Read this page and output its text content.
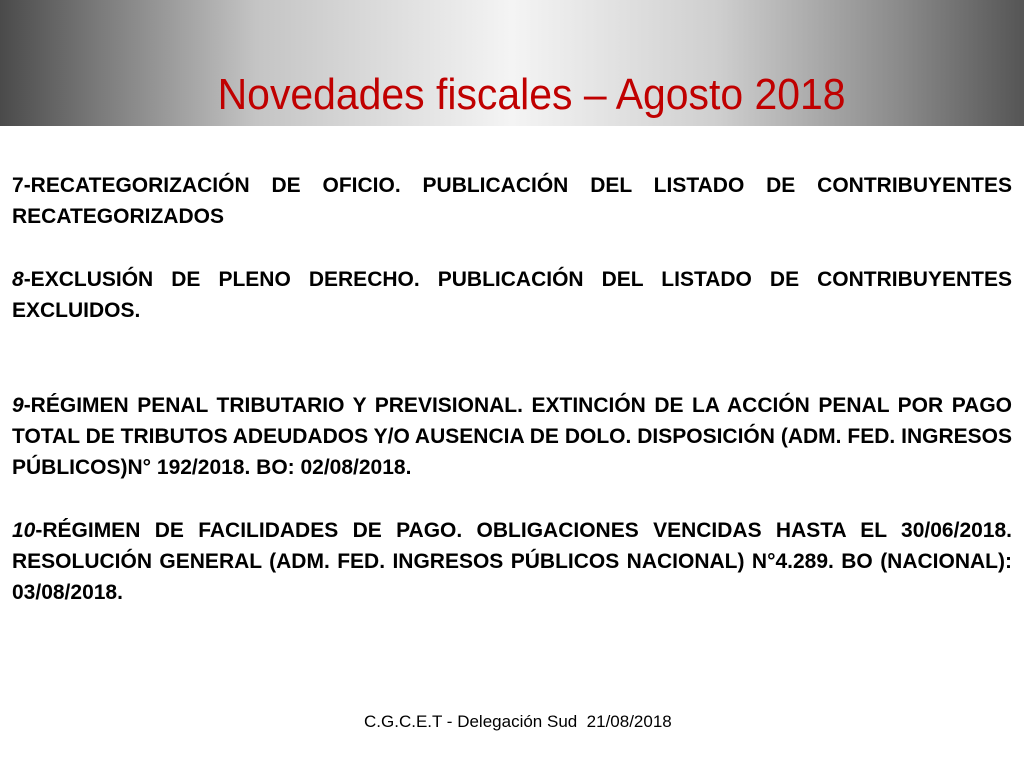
Novedades fiscales – Agosto 2018

7-RECATEGORIZACIÓN DE OFICIO. PUBLICACIÓN DEL LISTADO DE CONTRIBUYENTES RECATEGORIZADOS

8-EXCLUSIÓN DE PLENO DERECHO. PUBLICACIÓN DEL LISTADO DE CONTRIBUYENTES EXCLUIDOS.

9-RÉGIMEN PENAL TRIBUTARIO Y PREVISIONAL. EXTINCIÓN DE LA ACCIÓN PENAL POR PAGO TOTAL DE TRIBUTOS ADEUDADOS Y/O AUSENCIA DE DOLO. DISPOSICIÓN (ADM. FED. INGRESOS PÚBLICOS)N° 192/2018. BO: 02/08/2018.

10-RÉGIMEN DE FACILIDADES DE PAGO. OBLIGACIONES VENCIDAS HASTA EL 30/06/2018. RESOLUCIÓN GENERAL (ADM. FED. INGRESOS PÚBLICOS NACIONAL) N°4.289. BO (NACIONAL): 03/08/2018.

C.G.C.E.T - Delegación Sud  21/08/2018
